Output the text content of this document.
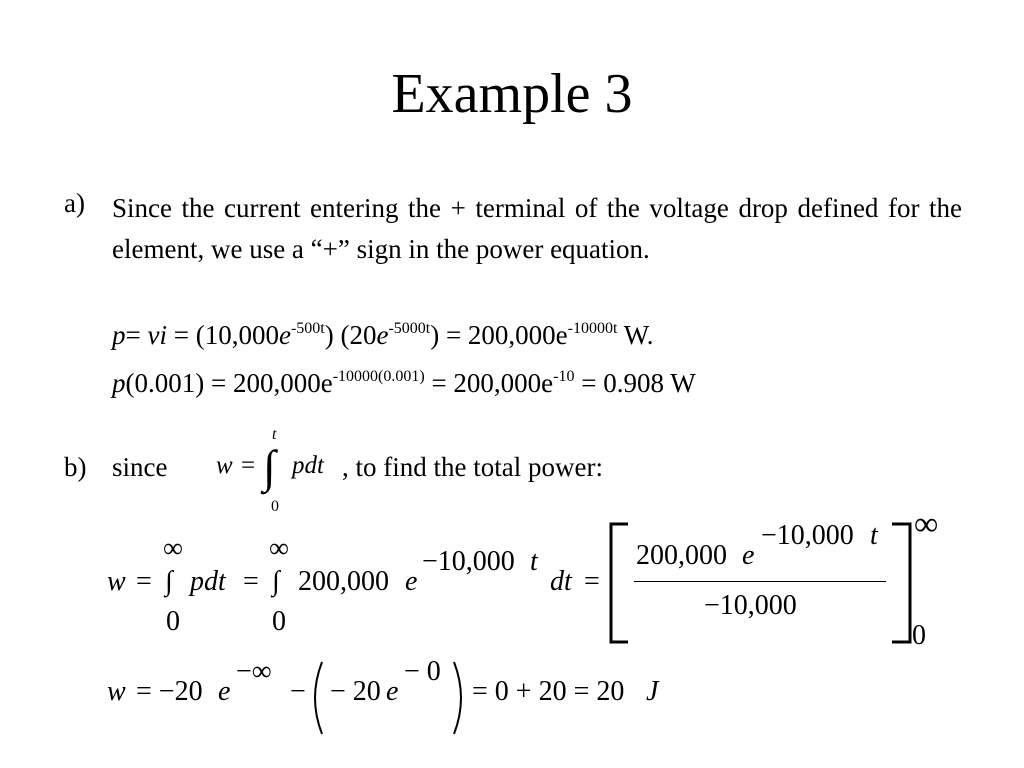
Example 3
a) Since the current entering the + terminal of the voltage drop defined for the element, we use a “+” sign in the power equation.
p= vi = $(10,000e^{-500t}) (20e^{-5000t}) = 200,000e^{-10000t}$ W.
$p(0.001) = 200,000e^{-10000(0.001)} = 200,000e^{-10} = 0.908$ W
b) since w =
t
∫
0
pdt , to find the total power:
w =
∞
∫
0
pdt =
∞
∫
0
200,000 e
−10,000 t
dt =
200,000 e
−10,000 t
−10,000
∞
0
w = −20 e
−∞
− − 20 e
− 0
= 0 + 20 = 20 J
